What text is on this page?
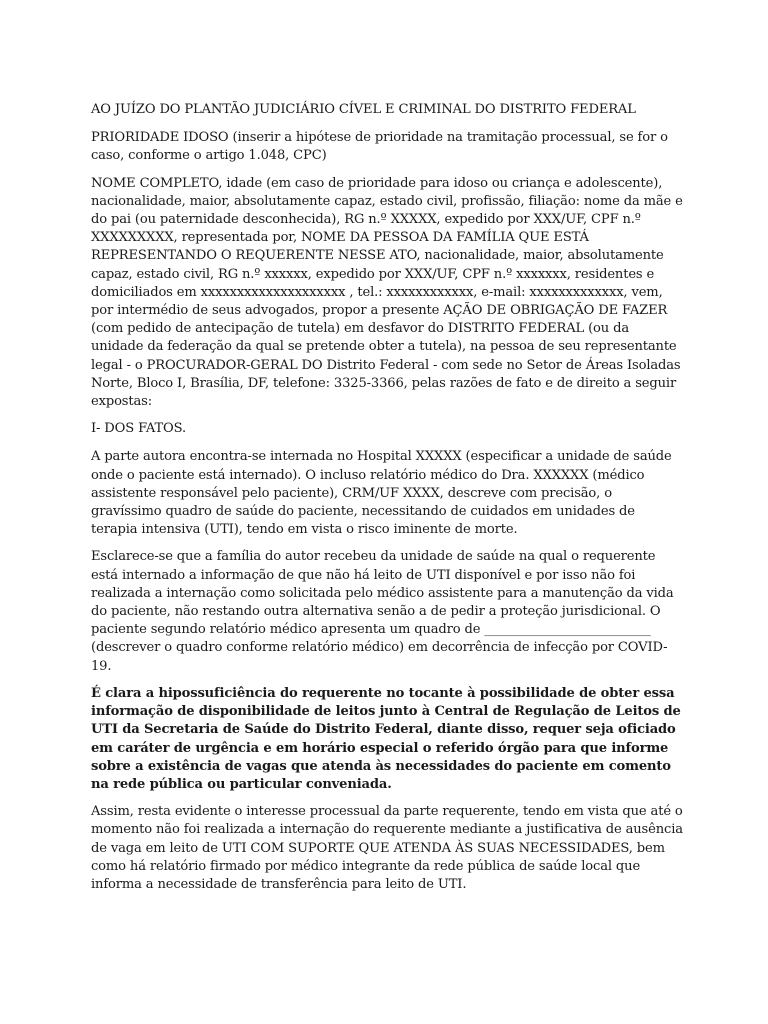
AO JUÍZO DO PLANTÃO JUDICIÁRIO CÍVEL E CRIMINAL DO DISTRITO FEDERAL

PRIORIDADE IDOSO (inserir a hipótese de prioridade na tramitação processual, se for o caso, conforme o artigo 1.048, CPC)

NOME COMPLETO, idade (em caso de prioridade para idoso ou criança e adolescente), nacionalidade, maior, absolutamente capaz, estado civil, profissão, filiação: nome da mãe e do pai (ou paternidade desconhecida), RG n.º XXXXX, expedido por XXX/UF, CPF n.º XXXXXXXXX, representada por, NOME DA PESSOA DA FAMÍLIA QUE ESTÁ REPRESENTANDO O REQUERENTE NESSE ATO, nacionalidade, maior, absolutamente capaz, estado civil, RG n.º xxxxxx, expedido por XXX/UF, CPF n.º xxxxxxx, residentes e domiciliados em xxxxxxxxxxxxxxxxxxxx , tel.: xxxxxxxxxxxx, e-mail: xxxxxxxxxxxxx, vem, por intermédio de seus advogados, propor a presente AÇÃO DE OBRIGAÇÃO DE FAZER (com pedido de antecipação de tutela) em desfavor do DISTRITO FEDERAL (ou da unidade da federação da qual se pretende obter a tutela), na pessoa de seu representante legal - o PROCURADOR-GERAL DO Distrito Federal - com sede no Setor de Áreas Isoladas Norte, Bloco I, Brasília, DF, telefone: 3325-3366, pelas razões de fato e de direito a seguir expostas:

I- DOS FATOS.

A parte autora encontra-se internada no Hospital XXXXX (especificar a unidade de saúde onde o paciente está internado). O incluso relatório médico do Dra. XXXXXX (médico assistente responsável pelo paciente), CRM/UF XXXX, descreve com precisão, o gravíssimo quadro de saúde do paciente, necessitando de cuidados em unidades de terapia intensiva (UTI), tendo em vista o risco iminente de morte.

Esclarece-se que a família do autor recebeu da unidade de saúde na qual o requerente está internado a informação de que não há leito de UTI disponível e por isso não foi realizada a internação como solicitada pelo médico assistente para a manutenção da vida do paciente, não restando outra alternativa senão a de pedir a proteção jurisdicional. O paciente segundo relatório médico apresenta um quadro de __________________________ (descrever o quadro conforme relatório médico) em decorrência de infecção por COVID-19.

É clara a hipossuficiência do requerente no tocante à possibilidade de obter essa informação de disponibilidade de leitos junto à Central de Regulação de Leitos de UTI da Secretaria de Saúde do Distrito Federal, diante disso, requer seja oficiado em caráter de urgência e em horário especial o referido órgão para que informe sobre a existência de vagas que atenda às necessidades do paciente em comento na rede pública ou particular conveniada.

Assim, resta evidente o interesse processual da parte requerente, tendo em vista que até o momento não foi realizada a internação do requerente mediante a justificativa de ausência de vaga em leito de UTI COM SUPORTE QUE ATENDA ÀS SUAS NECESSIDADES, bem como há relatório firmado por médico integrante da rede pública de saúde local que informa a necessidade de transferência para leito de UTI.
